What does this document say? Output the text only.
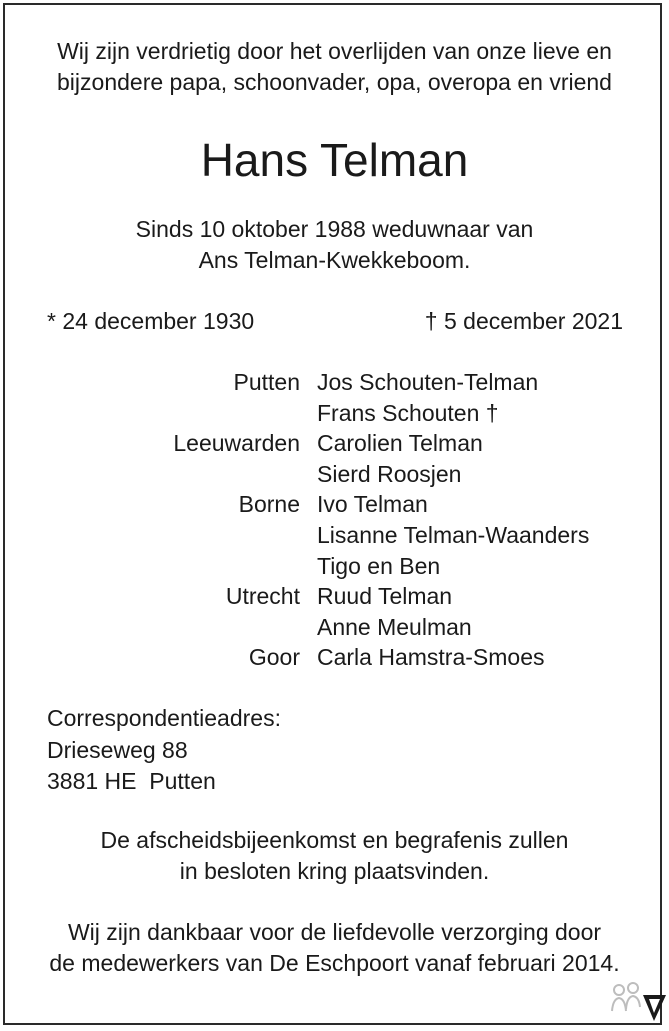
Wij zijn verdrietig door het overlijden van onze lieve en
bijzondere papa, schoonvader, opa, overopa en vriend
Hans Telman
Sinds 10 oktober 1988 weduwnaar van
Ans Telman-Kwekkeboom.
* 24 december 1930	† 5 december 2021
Putten Jos Schouten-Telman
Frans Schouten †
Leeuwarden Carolien Telman
Sierd Roosjen
Borne Ivo Telman
Lisanne Telman-Waanders
Tigo en Ben
Utrecht Ruud Telman
Anne Meulman
Goor Carla Hamstra-Smoes
Correspondentieadres:
Drieseweg 88
3881 HE  Putten
De afscheidsbijeenkomst en begrafenis zullen
in besloten kring plaatsvinden.
Wij zijn dankbaar voor de liefdevolle verzorging door
de medewerkers van De Eschpoort vanaf februari 2014.
